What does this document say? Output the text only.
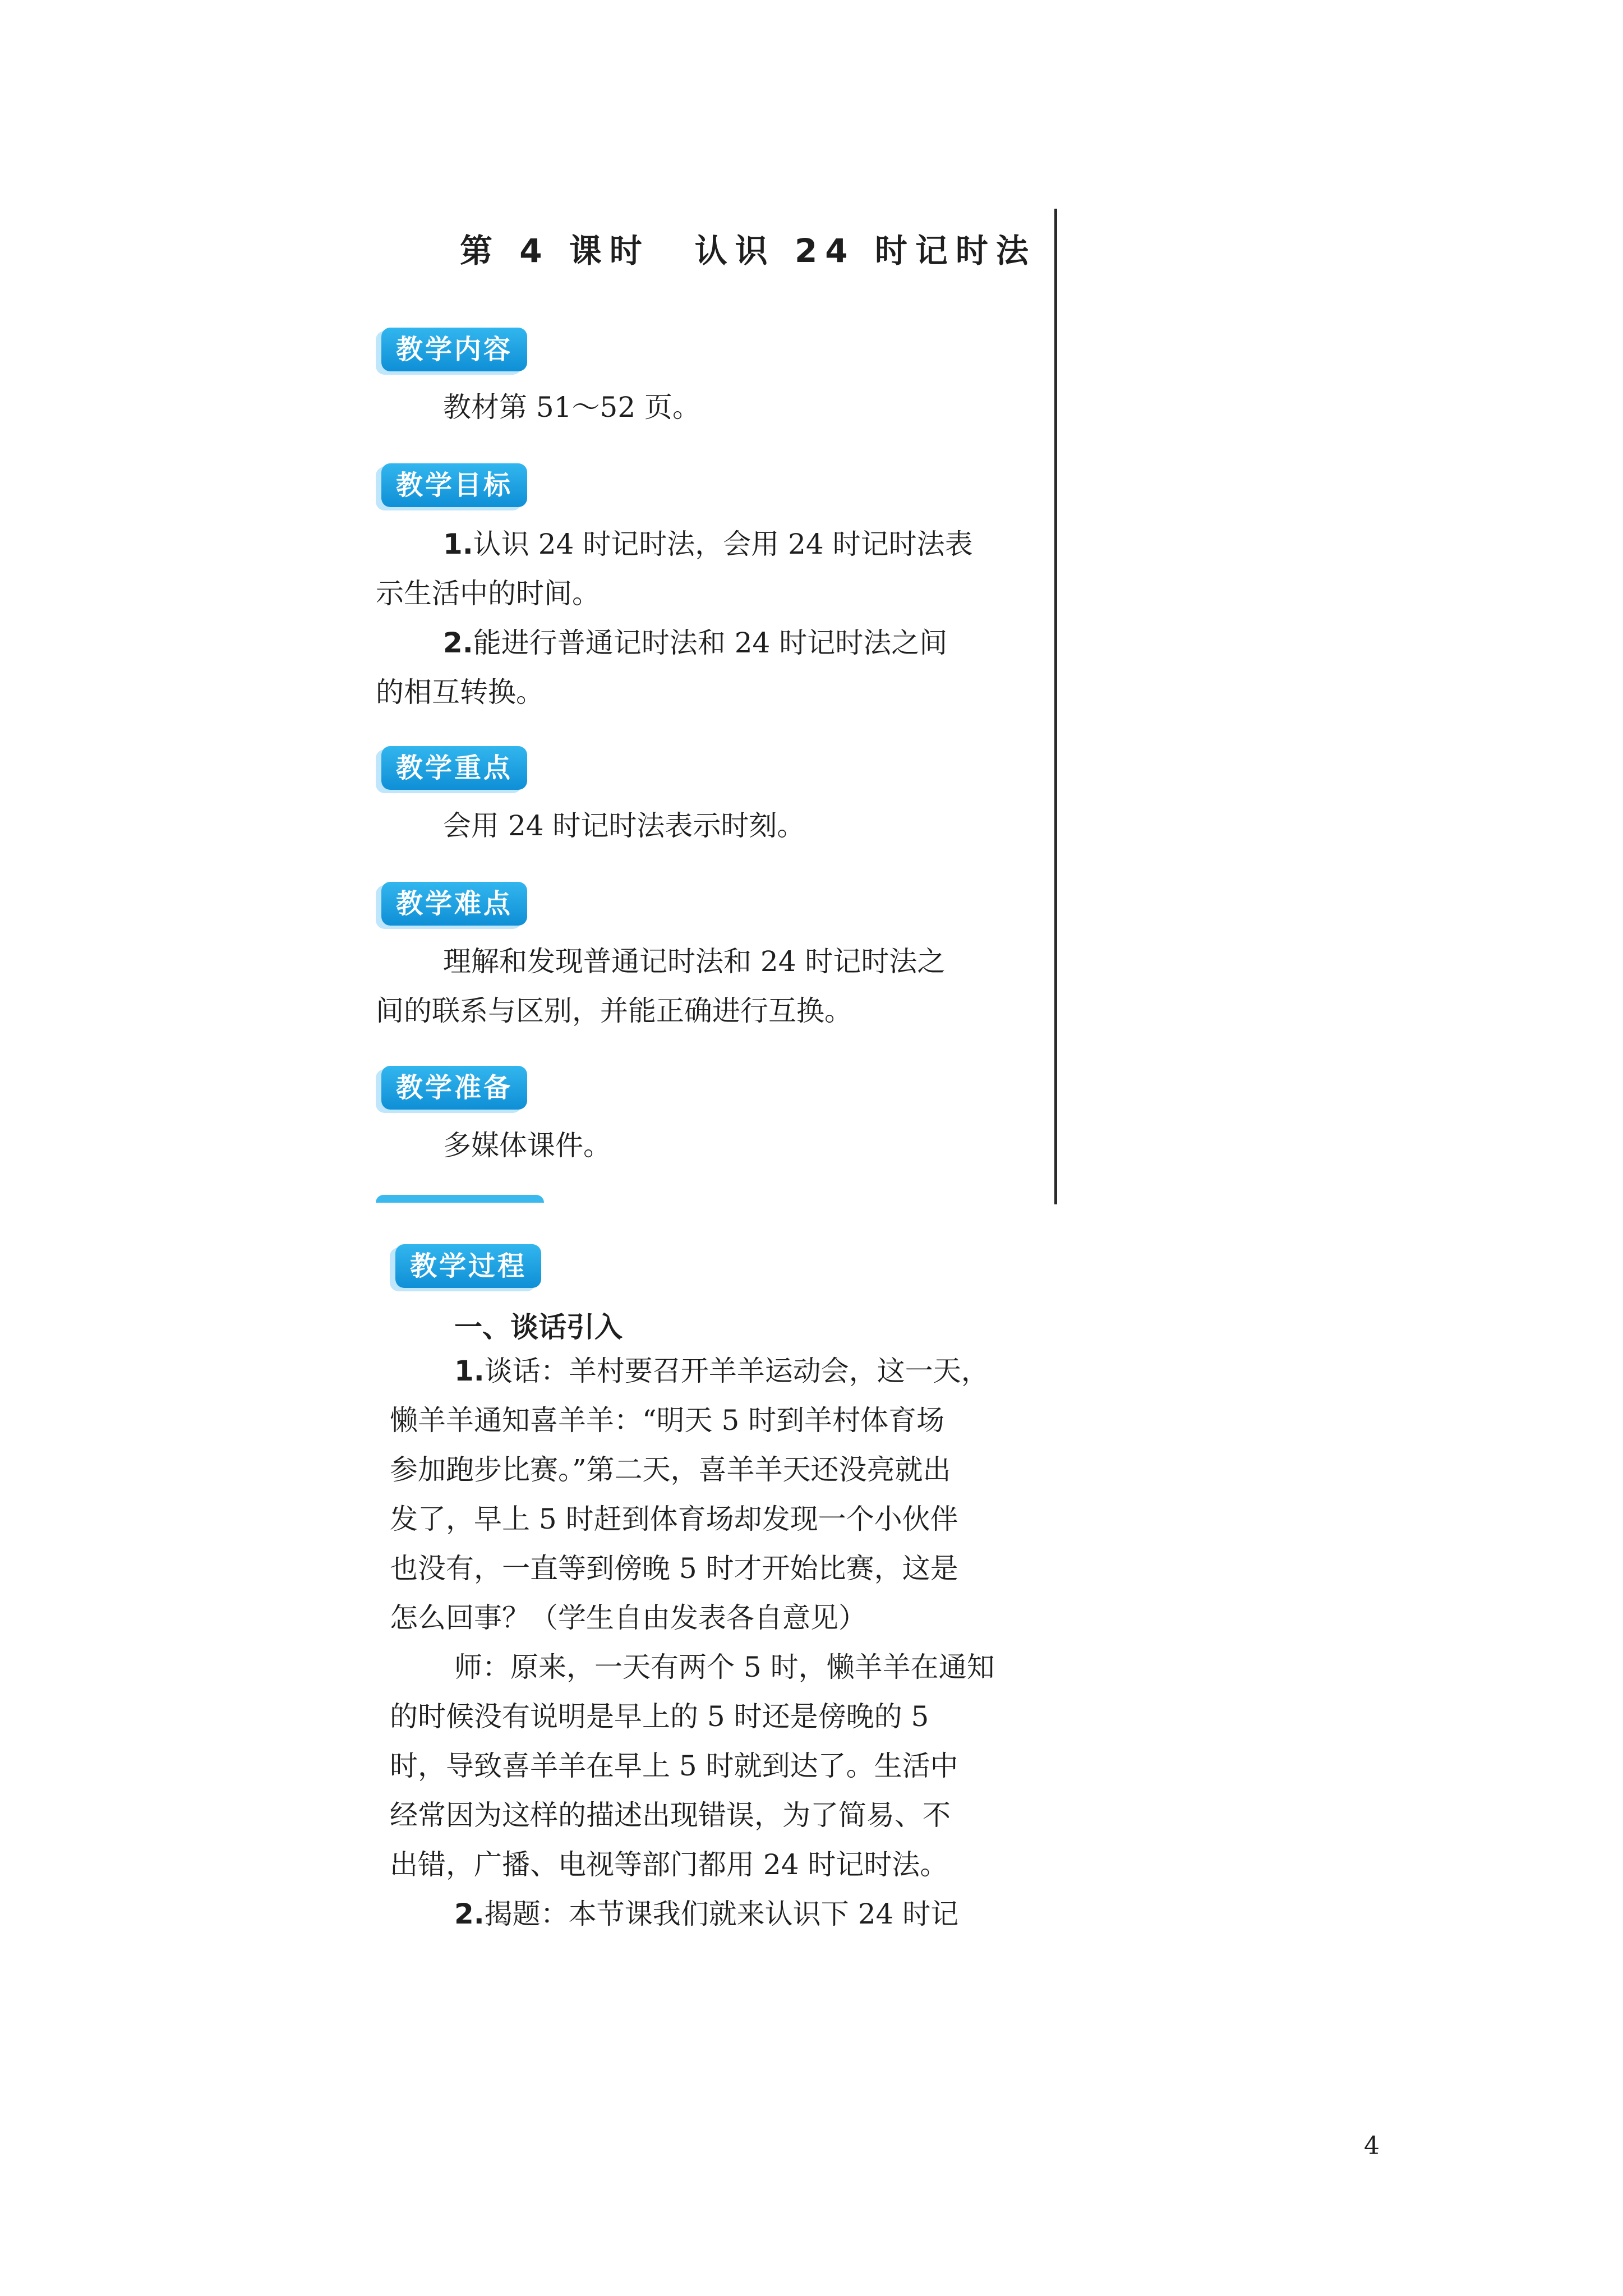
第 4 课时 认识 24 时记时法
教学内容

教材第 51～52 页。

教学目标

1.认识 24 时记时法，会用 24 时记时法表

示生活中的时间。

2.能进行普通记时法和 24 时记时法之间

的相互转换。

教学重点

会用 24 时记时法表示时刻。

教学难点

理解和发现普通记时法和 24 时记时法之

间的联系与区别，并能正确进行互换。

教学准备

多媒体课件。

教学过程

一、谈话引入

1.谈话：羊村要召开羊羊运动会，这一天，

懒羊羊通知喜羊羊：“明天 5 时到羊村体育场

参加跑步比赛。”第二天，喜羊羊天还没亮就出

发了，早上 5 时赶到体育场却发现一个小伙伴

也没有，一直等到傍晚 5 时才开始比赛，这是

怎么回事？（学生自由发表各自意见）

师：原来，一天有两个 5 时，懒羊羊在通知

的时候没有说明是早上的 5 时还是傍晚的 5

时，导致喜羊羊在早上 5 时就到达了。生活中

经常因为这样的描述出现错误，为了简易、不

出错，广播、电视等部门都用 24 时记时法。

2.揭题：本节课我们就来认识下 24 时记

4
